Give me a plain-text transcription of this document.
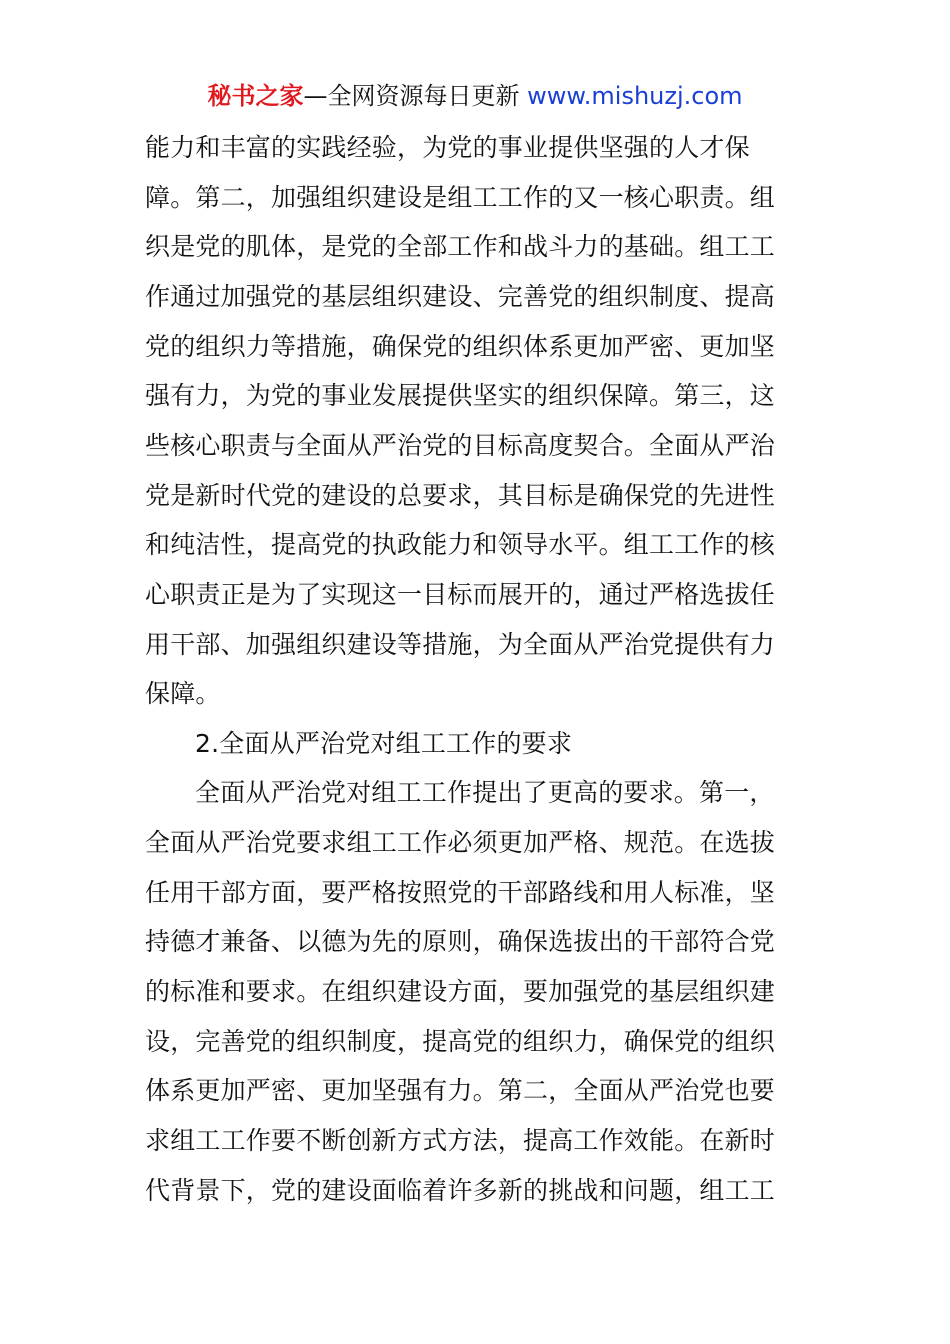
秘书之家—全网资源每日更新 www.mishuzj.com
能力和丰富的实践经验，为党的事业提供坚强的人才保
障。第二，加强组织建设是组工工作的又一核心职责。组
织是党的肌体，是党的全部工作和战斗力的基础。组工工
作通过加强党的基层组织建设、完善党的组织制度、提高
党的组织力等措施，确保党的组织体系更加严密、更加坚
强有力，为党的事业发展提供坚实的组织保障。第三，这
些核心职责与全面从严治党的目标高度契合。全面从严治
党是新时代党的建设的总要求，其目标是确保党的先进性
和纯洁性，提高党的执政能力和领导水平。组工工作的核
心职责正是为了实现这一目标而展开的，通过严格选拔任
用干部、加强组织建设等措施，为全面从严治党提供有力
保障。
2.全面从严治党对组工工作的要求
全面从严治党对组工工作提出了更高的要求。第一，
全面从严治党要求组工工作必须更加严格、规范。在选拔
任用干部方面，要严格按照党的干部路线和用人标准，坚
持德才兼备、以德为先的原则，确保选拔出的干部符合党
的标准和要求。在组织建设方面，要加强党的基层组织建
设，完善党的组织制度，提高党的组织力，确保党的组织
体系更加严密、更加坚强有力。第二，全面从严治党也要
求组工工作要不断创新方式方法，提高工作效能。在新时
代背景下，党的建设面临着许多新的挑战和问题，组工工
